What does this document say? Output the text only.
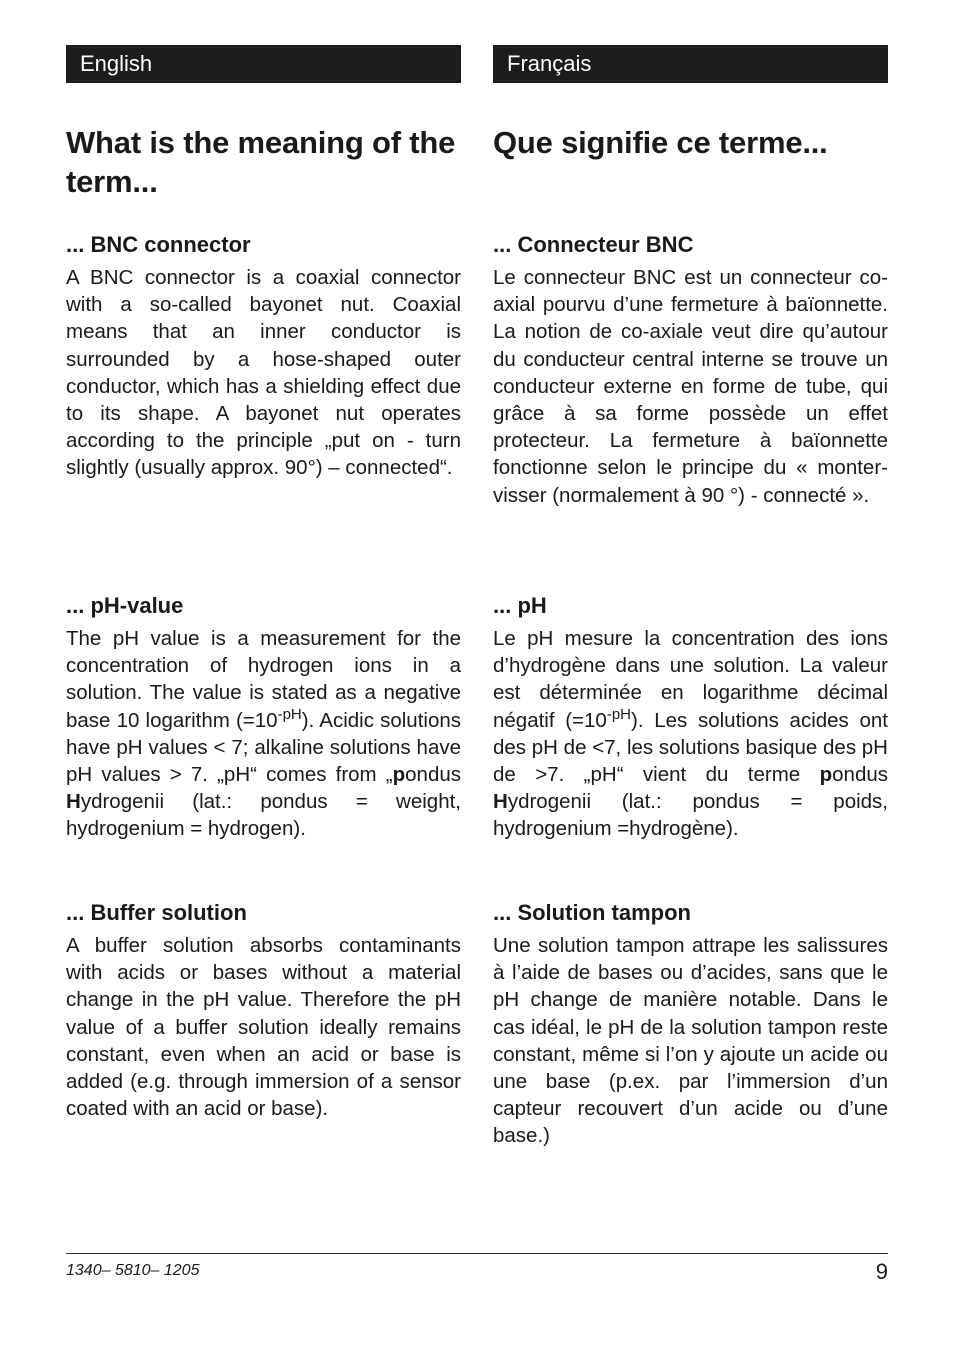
English
What is the meaning of the term...
... BNC connector

A BNC connector is a coaxial connector with a so-called bayonet nut. Coaxial means that an inner conductor is surrounded by a hose-shaped outer conductor, which has a shielding effect due to its shape. A bayonet nut operates according to the principle „put on - turn slightly (usually approx. 90°) – connected“.

... pH-value

The pH value is a measurement for the concentration of hydrogen ions in a solution. The value is stated as a negative base 10 logarithm $(=10^{-pH})$. Acidic solutions have pH values < 7; alkaline solutions have pH values > 7. „pH“ comes from „pondus Hydrogenii (lat.: pondus = weight, hydrogenium = hydrogen).

... Buffer solution

A buffer solution absorbs contaminants with acids or bases without a material change in the pH value. Therefore the pH value of a buffer solution ideally remains constant, even when an acid or base is added (e.g. through immersion of a sensor coated with an acid or base).

Français
Que signifie ce terme...
... Connecteur BNC

Le connecteur BNC est un connecteur co-axial pourvu d’une fermeture à baïonnette. La notion de co-axiale veut dire qu’autour du conducteur central interne se trouve un conducteur externe en forme de tube, qui grâce à sa forme possède un effet protecteur. La fermeture à baïonnette fonctionne selon le principe du « monter- visser (normalement à 90 °) - connecté ».

... pH

Le pH mesure la concentration des ions d’hydrogène dans une solution. La valeur est déterminée en logarithme décimal négatif $(=10^{-pH})$. Les solutions acides ont des pH de <7, les solutions basique des pH de >7. „pH“ vient du terme pondus Hydrogenii (lat.: pondus = poids, hydrogenium =hydrogène).

... Solution tampon

Une solution tampon attrape les salissures à l’aide de bases ou d’acides, sans que le pH change de manière notable. Dans le cas idéal, le pH de la solution tampon reste constant, même si l’on y ajoute un acide ou une base (p.ex. par l’immersion d’un capteur recouvert d’un acide ou d’une base.)

1340– 5810– 1205	9
